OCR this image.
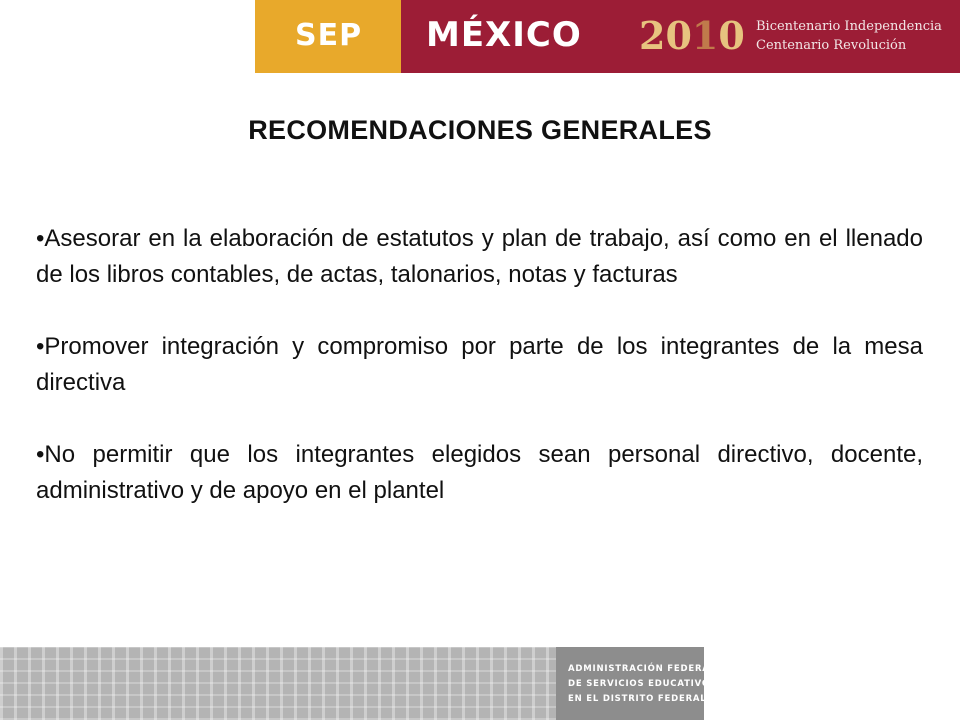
SEP MÉXICO 2010 Bicentenario Independencia
Centenario Revolución
RECOMENDACIONES GENERALES

•Asesorar en la elaboración de estatutos y plan de trabajo, así como en el llenado de los libros contables, de actas, talonarios, notas y facturas

•Promover integración y compromiso por parte de los integrantes de la mesa directiva

•No permitir que los integrantes elegidos sean personal directivo, docente, administrativo y de apoyo en el plantel

ADMINISTRACIÓN FEDERAL
DE SERVICIOS EDUCATIVOS
EN EL DISTRITO FEDERAL
